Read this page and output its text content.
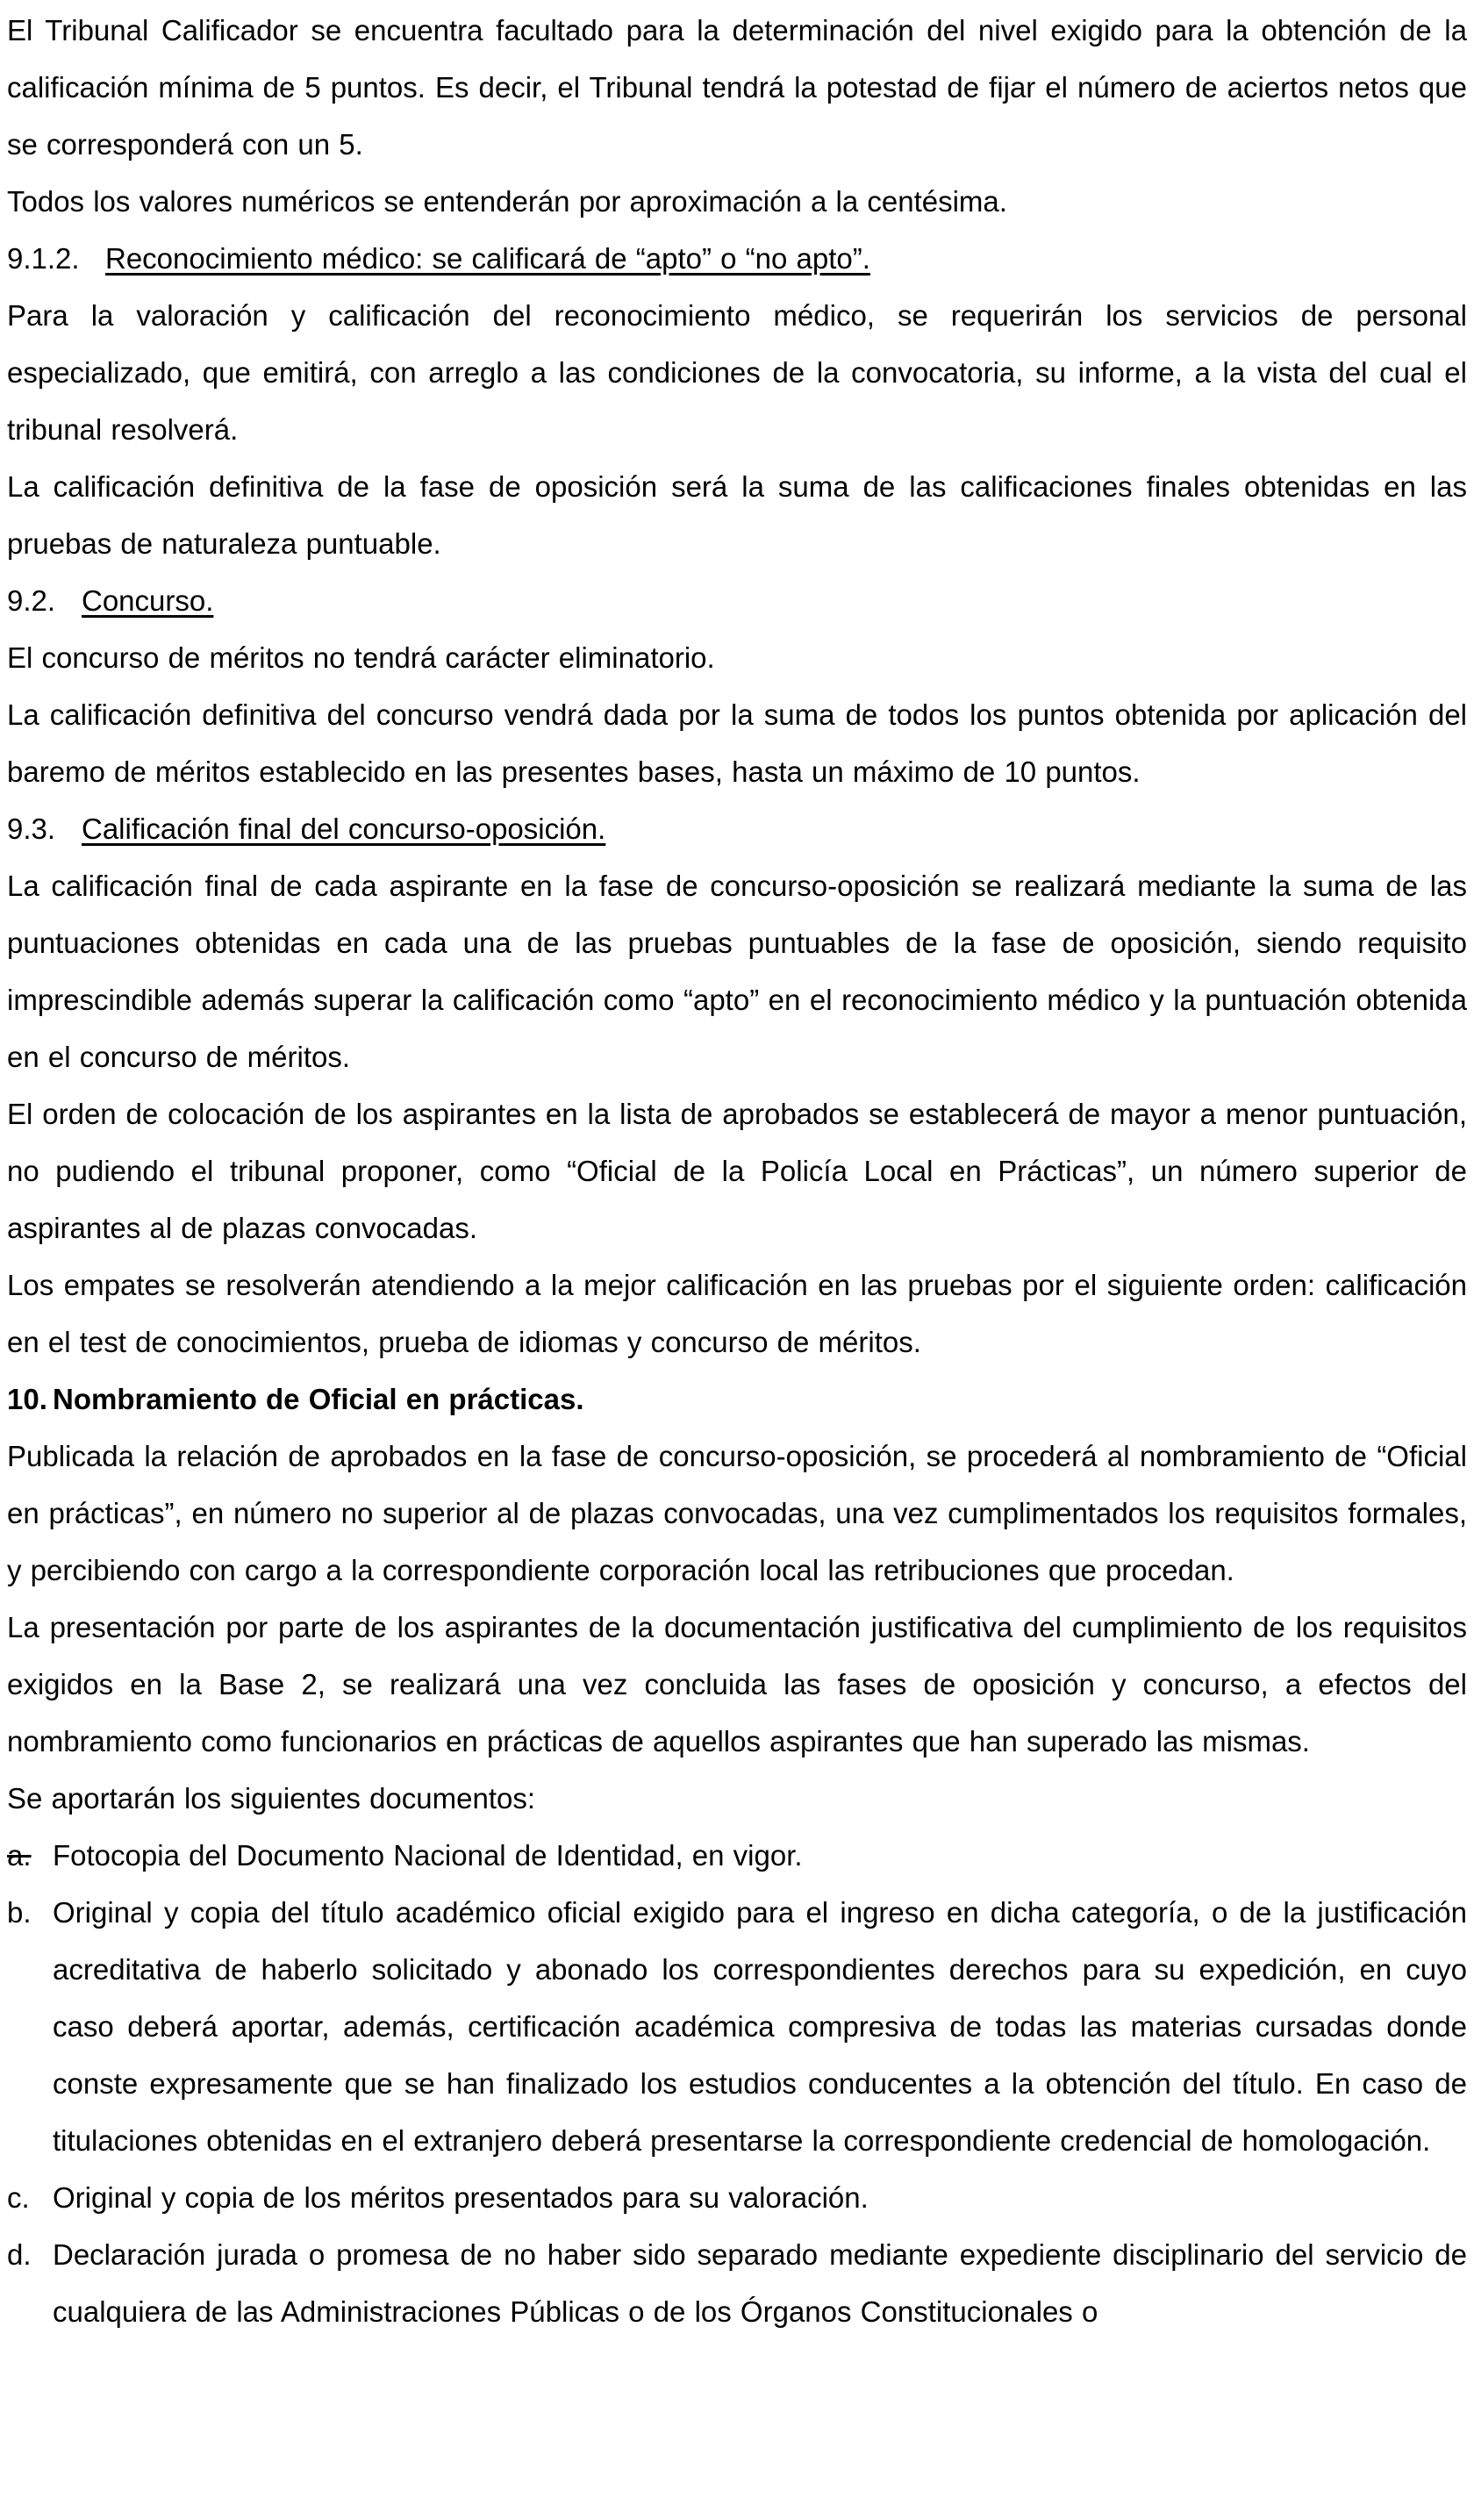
El Tribunal Calificador se encuentra facultado para la determinación del nivel exigido para la obtención de la calificación mínima de 5 puntos. Es decir, el Tribunal tendrá la potestad de fijar el número de aciertos netos que se corresponderá con un 5.

Todos los valores numéricos se entenderán por aproximación a la centésima.

9.1.2. Reconocimiento médico: se calificará de “apto” o “no apto”.

Para la valoración y calificación del reconocimiento médico, se requerirán los servicios de personal especializado, que emitirá, con arreglo a las condiciones de la convocatoria, su informe, a la vista del cual el tribunal resolverá.

La calificación definitiva de la fase de oposición será la suma de las calificaciones finales obtenidas en las pruebas de naturaleza puntuable.

9.2. Concurso.

El concurso de méritos no tendrá carácter eliminatorio.

La calificación definitiva del concurso vendrá dada por la suma de todos los puntos obtenida por aplicación del baremo de méritos establecido en las presentes bases, hasta un máximo de 10 puntos.

9.3. Calificación final del concurso-oposición.

La calificación final de cada aspirante en la fase de concurso-oposición se realizará mediante la suma de las puntuaciones obtenidas en cada una de las pruebas puntuables de la fase de oposición, siendo requisito imprescindible además superar la calificación como “apto” en el reconocimiento médico y la puntuación obtenida en el concurso de méritos.

El orden de colocación de los aspirantes en la lista de aprobados se establecerá de mayor a menor puntuación, no pudiendo el tribunal proponer, como “Oficial de la Policía Local en Prácticas”, un número superior de aspirantes al de plazas convocadas.

Los empates se resolverán atendiendo a la mejor calificación en las pruebas por el siguiente orden: calificación en el test de conocimientos, prueba de idiomas y concurso de méritos.

10. Nombramiento de Oficial en prácticas.

Publicada la relación de aprobados en la fase de concurso-oposición, se procederá al nombramiento de “Oficial en prácticas”, en número no superior al de plazas convocadas, una vez cumplimentados los requisitos formales, y percibiendo con cargo a la correspondiente corporación local las retribuciones que procedan.

La presentación por parte de los aspirantes de la documentación justificativa del cumplimiento de los requisitos exigidos en la Base 2, se realizará una vez concluida las fases de oposición y concurso, a efectos del nombramiento como funcionarios en prácticas de aquellos aspirantes que han superado las mismas.

Se aportarán los siguientes documentos:

a. Fotocopia del Documento Nacional de Identidad, en vigor.
b. Original y copia del título académico oficial exigido para el ingreso en dicha categoría, o de la justificación acreditativa de haberlo solicitado y abonado los correspondientes derechos para su expedición, en cuyo caso deberá aportar, además, certificación académica compresiva de todas las materias cursadas donde conste expresamente que se han finalizado los estudios conducentes a la obtención del título. En caso de titulaciones obtenidas en el extranjero deberá presentarse la correspondiente credencial de homologación.
c. Original y copia de los méritos presentados para su valoración.
d. Declaración jurada o promesa de no haber sido separado mediante expediente disciplinario del servicio de cualquiera de las Administraciones Públicas o de los Órganos Constitucionales o
